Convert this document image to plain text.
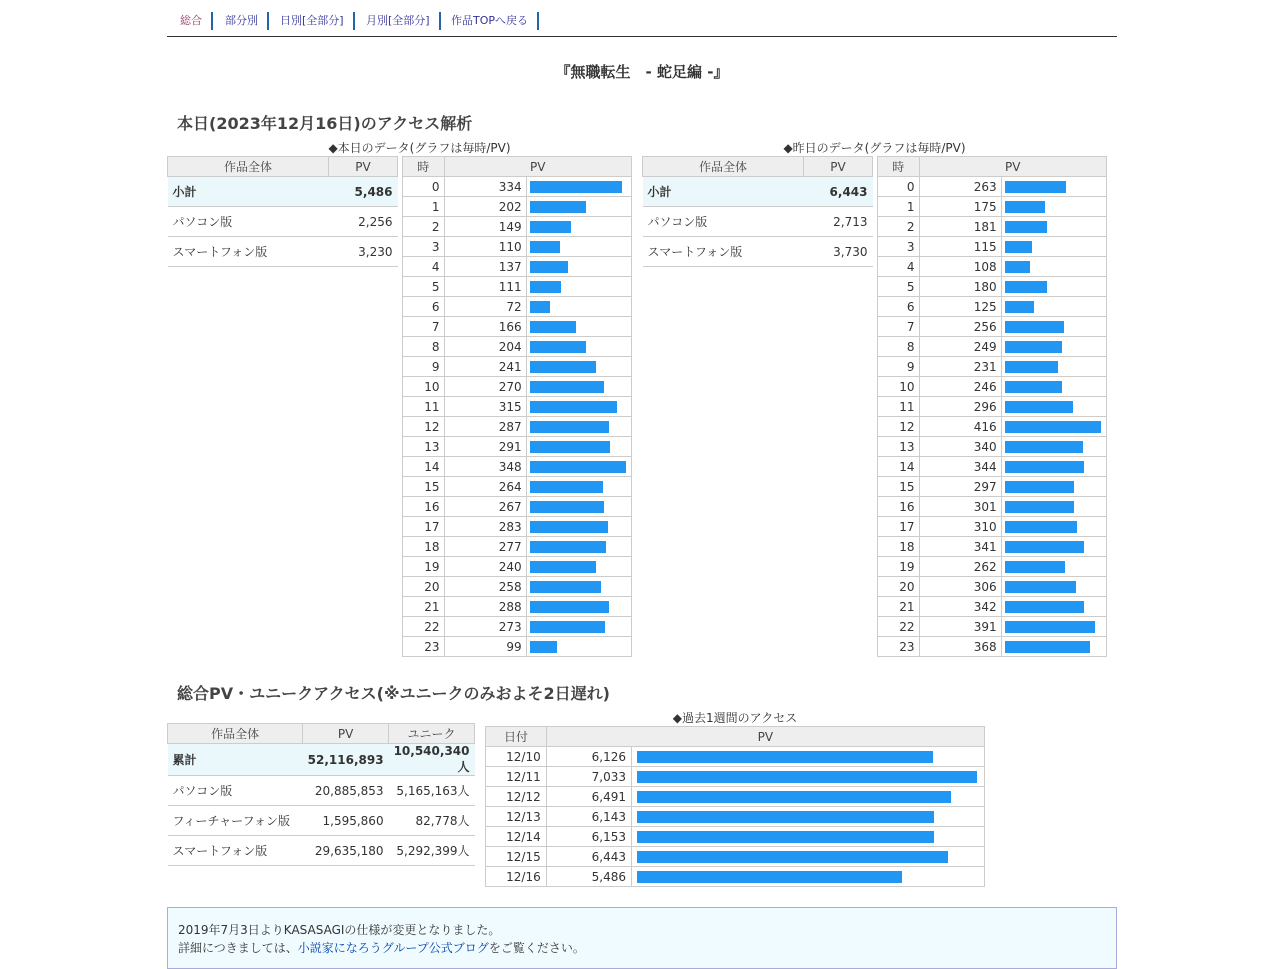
総合	部分別	日別[全部分]	月別[全部分]	作品TOPへ戻る
『無職転生　- 蛇足編 -』
本日(2023年12月16日)のアクセス解析
◆本日のデータ(グラフは毎時/PV)	◆昨日のデータ(グラフは毎時/PV)
作品全体	PV
小計	5,486
パソコン版	2,256
スマートフォン版	3,230
時	PV	
0	334	

1	202	

2	149	

3	110	

4	137	

5	111	

6	72	

7	166	

8	204	

9	241	

10	270	

11	315	

12	287	

13	291	

14	348	

15	264	

16	267	

17	283	

18	277	

19	240	

20	258	

21	288	

22	273	

23	99	
作品全体	PV
小計	6,443
パソコン版	2,713
スマートフォン版	3,730
時	PV	
0	263	

1	175	

2	181	

3	115	

4	108	

5	180	

6	125	

7	256	

8	249	

9	231	

10	246	

11	296	

12	416	

13	340	

14	344	

15	297	

16	301	

17	310	

18	341	

19	262	

20	306	

21	342	

22	391	

23	368	
総合PV・ユニークアクセス(※ユニークのみおよそ2日遅れ)
作品全体	PV	ユニーク
累計	52,116,893	10,540,340人
パソコン版	20,885,853	5,165,163人
フィーチャーフォン版	1,595,860	82,778人
スマートフォン版	29,635,180	5,292,399人
◆過去1週間のアクセス
日付	PV	
12/10	6,126	

12/11	7,033	

12/12	6,491	

12/13	6,143	

12/14	6,153	

12/15	6,443	

12/16	5,486	

2019年7月3日よりKASASAGIの仕様が変更となりました。

詳細につきましては、小説家になろうグループ公式ブログをご覧ください。
